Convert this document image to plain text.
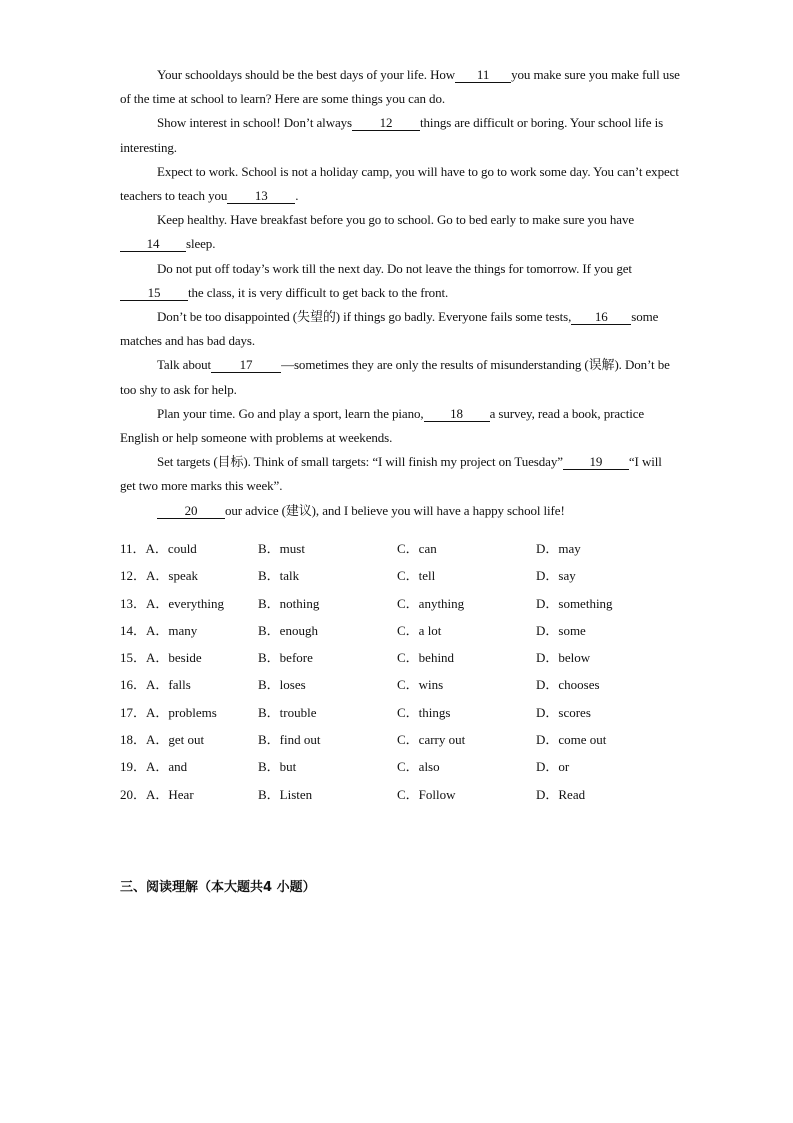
Your schooldays should be the best days of your life. How 11 you make sure you make full use of the time at school to learn? Here are some things you can do.

Show interest in school! Don’t always 12 things are difficult or boring. Your school life is interesting.

Expect to work. School is not a holiday camp, you will have to go to work some day. You can’t expect teachers to teach you 13 .

Keep healthy. Have breakfast before you go to school. Go to bed early to make sure you have14 sleep.

Do not put off today’s work till the next day. Do not leave the things for tomorrow. If you get15 the class, it is very difficult to get back to the front.

Don’t be too disappointed (失望的) if things go badly. Everyone fails some tests, 16 some matches and has bad days.

Talk about 17 —sometimes they are only the results of misunderstanding (误解). Don’t be too shy to ask for help.

Plan your time. Go and play a sport, learn the piano, 18 a survey, read a book, practice English or help someone with problems at weekends.

Set targets (目标). Think of small targets: “I will finish my project on Tuesday” 19 “I will get two more marks this week”.

20 our advice (建议), and I believe you will have a happy school life!

11．A．could	B．must	C．can	D．may
12．A．speak	B．talk	C．tell	D．say
13．A．everything	B．nothing	C．anything	D．something
14．A．many	B．enough	C．a lot	D．some
15．A．beside	B．before	C．behind	D．below
16．A．falls	B．loses	C．wins	D．chooses
17．A．problems	B．trouble	C．things	D．scores
18．A．get out	B．find out	C．carry out	D．come out
19．A．and	B．but	C．also	D．or
20．A．Hear	B．Listen	C．Follow	D．Read
三、阅读理解（本大题共4 小题）
